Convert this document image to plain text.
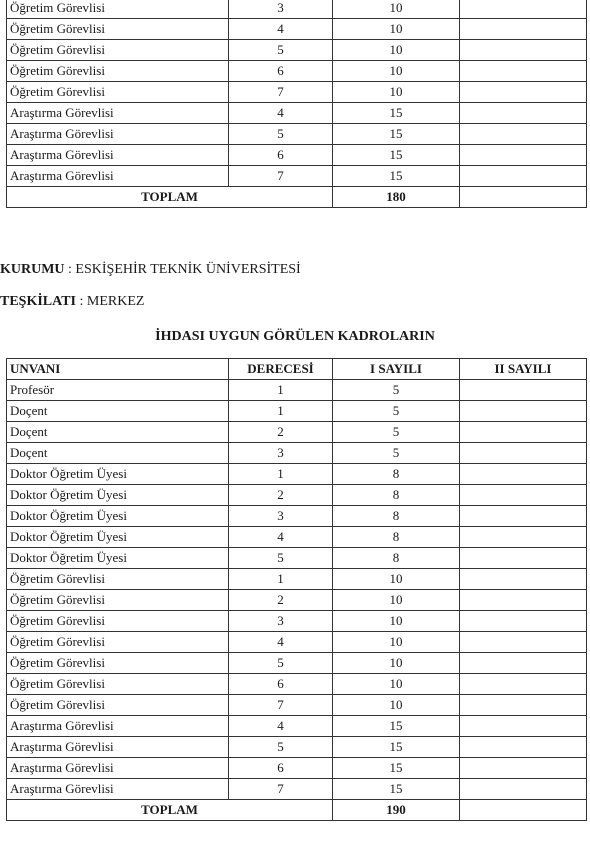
Öğretim Görevlisi	3	10	
Öğretim Görevlisi	4	10	
Öğretim Görevlisi	5	10	
Öğretim Görevlisi	6	10	
Öğretim Görevlisi	7	10	
Araştırma Görevlisi	4	15	
Araştırma Görevlisi	5	15	
Araştırma Görevlisi	6	15	
Araştırma Görevlisi	7	15	
TOPLAM		180	
KURUMU : ESKİŞEHİR TEKNİK ÜNİVERSİTESİ
TEŞKİLATI : MERKEZ
İHDASI UYGUN GÖRÜLEN KADROLARIN
UNVANI	DERECESİ	I SAYILI	II SAYILI
Profesör	1	5	
Doçent	1	5	
Doçent	2	5	
Doçent	3	5	
Doktor Öğretim Üyesi	1	8	
Doktor Öğretim Üyesi	2	8	
Doktor Öğretim Üyesi	3	8	
Doktor Öğretim Üyesi	4	8	
Doktor Öğretim Üyesi	5	8	
Öğretim Görevlisi	1	10	
Öğretim Görevlisi	2	10	
Öğretim Görevlisi	3	10	
Öğretim Görevlisi	4	10	
Öğretim Görevlisi	5	10	
Öğretim Görevlisi	6	10	
Öğretim Görevlisi	7	10	
Araştırma Görevlisi	4	15	
Araştırma Görevlisi	5	15	
Araştırma Görevlisi	6	15	
Araştırma Görevlisi	7	15	
TOPLAM		190	
